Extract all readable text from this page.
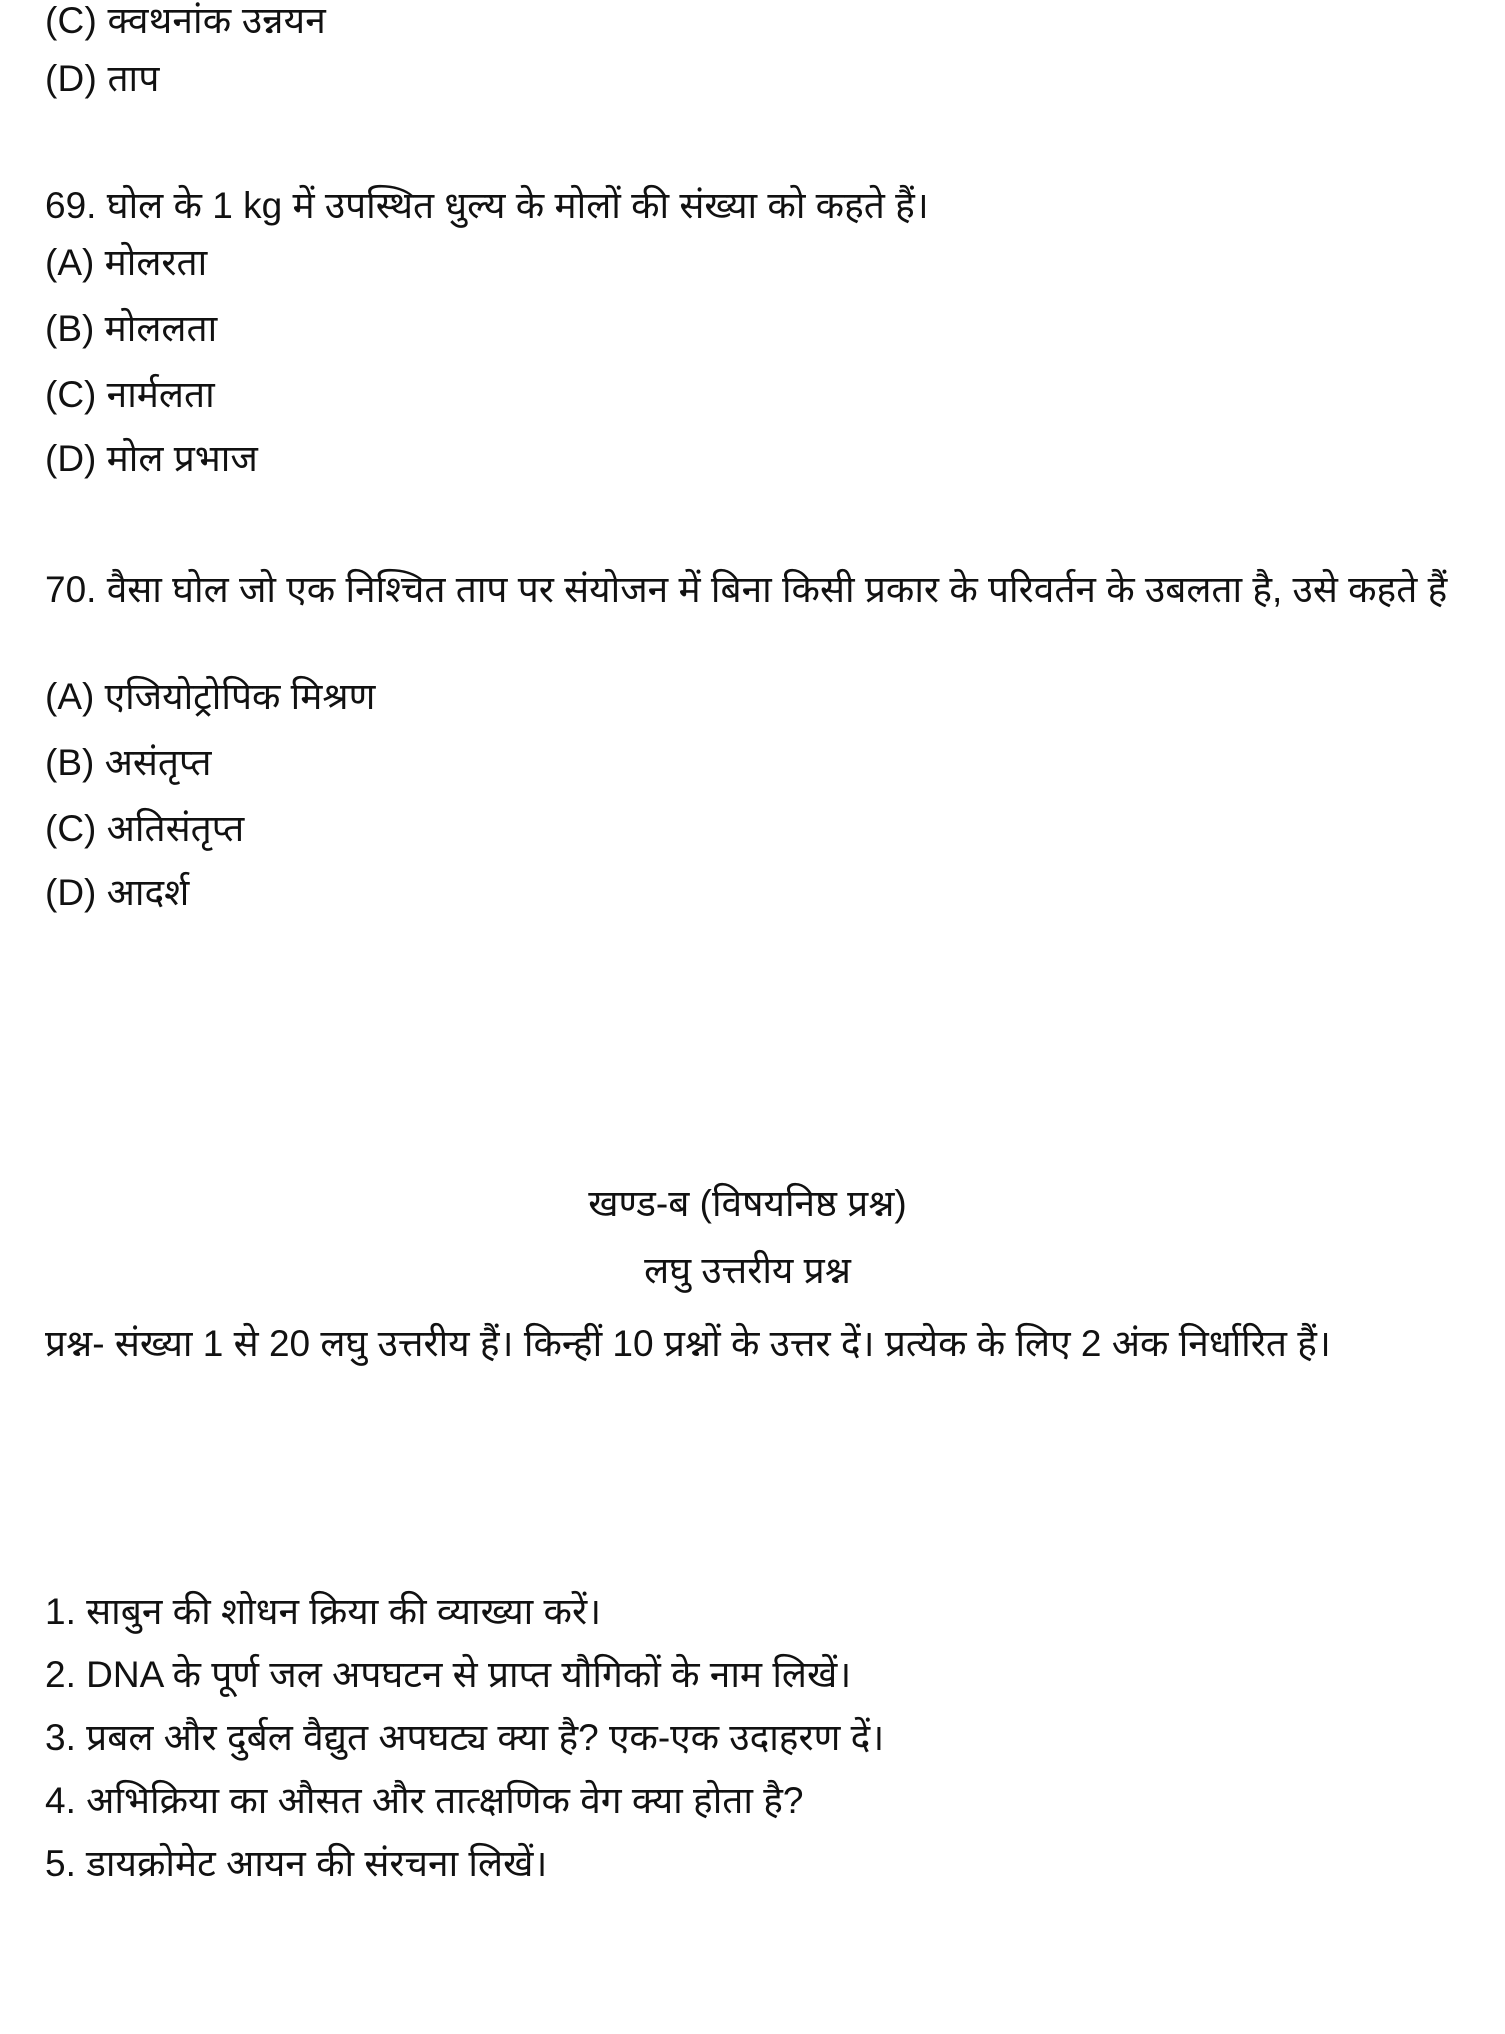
(C) क्वथनांक उन्नयन
(D) ताप
69. घोल के 1 kg में उपस्थित धुल्य के मोलों की संख्या को कहते हैं।
(A) मोलरता
(B) मोललता
(C) नार्मलता
(D) मोल प्रभाज
70. वैसा घोल जो एक निश्चित ताप पर संयोजन में बिना किसी प्रकार के परिवर्तन के उबलता है, उसे कहते हैं
(A) एजियोट्रोपिक मिश्रण
(B) असंतृप्त
(C) अतिसंतृप्त
(D) आदर्श
खण्ड-ब (विषयनिष्ठ प्रश्न)
लघु उत्तरीय प्रश्न
प्रश्न- संख्या 1 से 20 लघु उत्तरीय हैं। किन्हीं 10 प्रश्नों के उत्तर दें। प्रत्येक के लिए 2 अंक निर्धारित हैं।
1. साबुन की शोधन क्रिया की व्याख्या करें।
2. DNA के पूर्ण जल अपघटन से प्राप्त यौगिकों के नाम लिखें।
3. प्रबल और दुर्बल वैद्युत अपघट्य क्या है? एक-एक उदाहरण दें।
4. अभिक्रिया का औसत और तात्क्षणिक वेग क्या होता है?
5. डायक्रोमेट आयन की संरचना लिखें।
